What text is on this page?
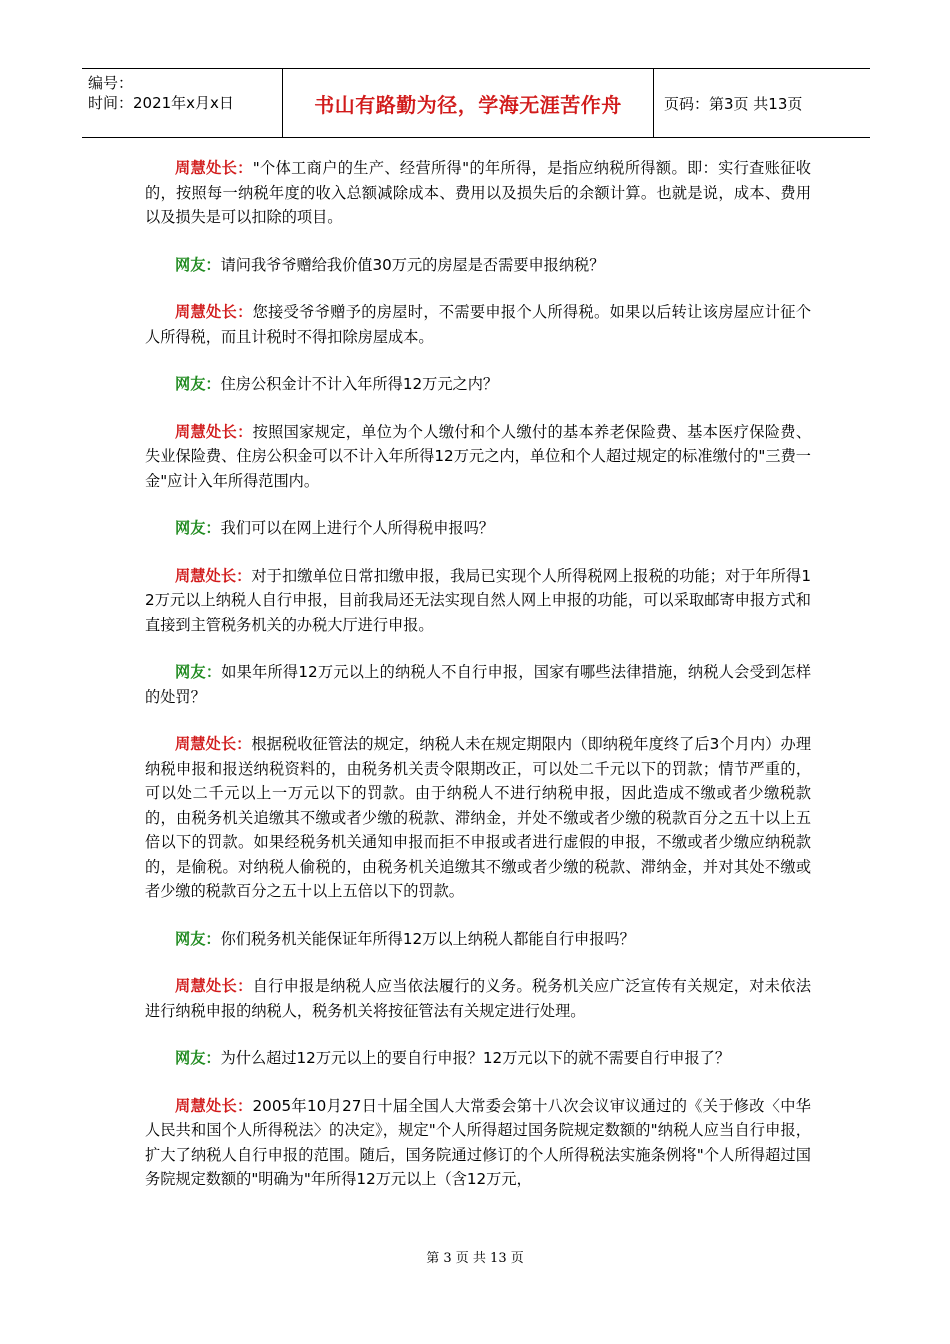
编号：
时间：2021年x月x日	书山有路勤为径，学海无涯苦作舟	页码：第3页 共13页

周慧处长："个体工商户的生产、经营所得"的年所得，是指应纳税所得额。即：实行查账征收的，按照每一纳税年度的收入总额减除成本、费用以及损失后的余额计算。也就是说，成本、费用以及损失是可以扣除的项目。

网友：请问我爷爷赠给我价值30万元的房屋是否需要申报纳税？

周慧处长：您接受爷爷赠予的房屋时，不需要申报个人所得税。如果以后转让该房屋应计征个人所得税，而且计税时不得扣除房屋成本。

网友：住房公积金计不计入年所得12万元之内？

周慧处长：按照国家规定，单位为个人缴付和个人缴付的基本养老保险费、基本医疗保险费、失业保险费、住房公积金可以不计入年所得12万元之内，单位和个人超过规定的标准缴付的"三费一金"应计入年所得范围内。

网友：我们可以在网上进行个人所得税申报吗？

周慧处长：对于扣缴单位日常扣缴申报，我局已实现个人所得税网上报税的功能；对于年所得12万元以上纳税人自行申报，目前我局还无法实现自然人网上申报的功能，可以采取邮寄申报方式和直接到主管税务机关的办税大厅进行申报。

网友：如果年所得12万元以上的纳税人不自行申报，国家有哪些法律措施，纳税人会受到怎样的处罚？

周慧处长：根据税收征管法的规定，纳税人未在规定期限内（即纳税年度终了后3个月内）办理纳税申报和报送纳税资料的，由税务机关责令限期改正，可以处二千元以下的罚款；情节严重的，可以处二千元以上一万元以下的罚款。由于纳税人不进行纳税申报，因此造成不缴或者少缴税款的，由税务机关追缴其不缴或者少缴的税款、滞纳金，并处不缴或者少缴的税款百分之五十以上五倍以下的罚款。如果经税务机关通知申报而拒不申报或者进行虚假的申报，不缴或者少缴应纳税款的，是偷税。对纳税人偷税的，由税务机关追缴其不缴或者少缴的税款、滞纳金，并对其处不缴或者少缴的税款百分之五十以上五倍以下的罚款。

网友：你们税务机关能保证年所得12万以上纳税人都能自行申报吗？

周慧处长：自行申报是纳税人应当依法履行的义务。税务机关应广泛宣传有关规定，对未依法进行纳税申报的纳税人，税务机关将按征管法有关规定进行处理。

网友：为什么超过12万元以上的要自行申报？12万元以下的就不需要自行申报了？

周慧处长：2005年10月27日十届全国人大常委会第十八次会议审议通过的《关于修改〈中华人民共和国个人所得税法〉的决定》，规定"个人所得超过国务院规定数额的"纳税人应当自行申报，扩大了纳税人自行申报的范围。随后，国务院通过修订的个人所得税法实施条例将"个人所得超过国务院规定数额的"明确为"年所得12万元以上（含12万元，

第 3 页 共 13 页
